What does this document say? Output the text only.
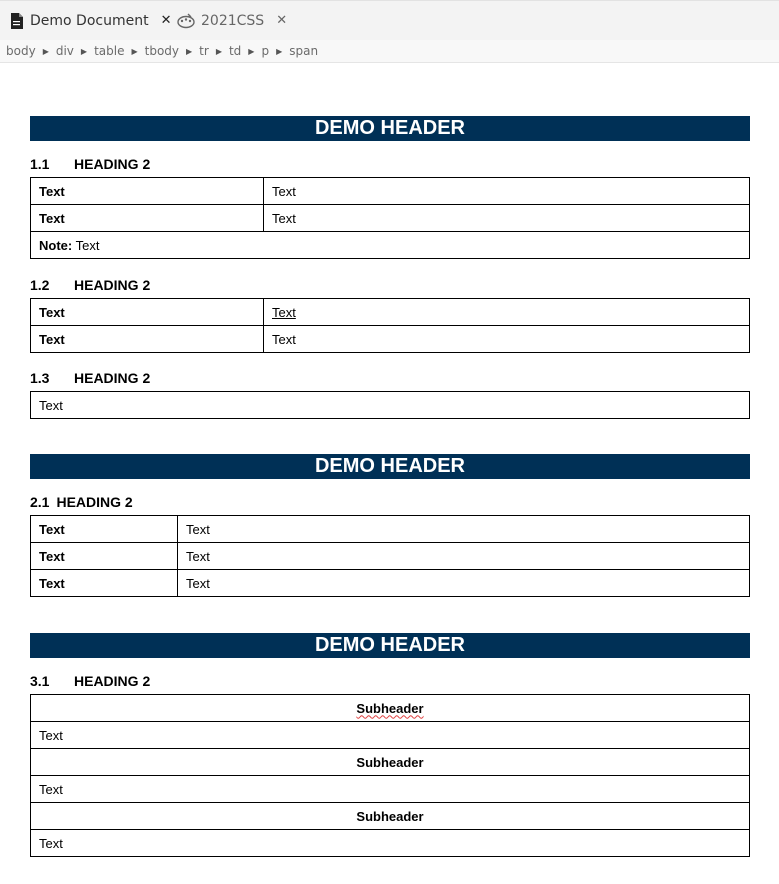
Demo Document ✕ 2021CSS ✕
body ▶ div ▶ table ▶ tbody ▶ tr ▶ td ▶ p ▶ span
DEMO HEADER
1.1 HEADING 2
Text	Text
Text	Text
Note: Text	
1.2 HEADING 2
Text	Text
Text	Text
1.3 HEADING 2
Text
DEMO HEADER
2.1 HEADING 2
Text	Text
Text	Text
Text	Text
DEMO HEADER
3.1 HEADING 2
Subheader
Text
Subheader
Text
Subheader
Text
